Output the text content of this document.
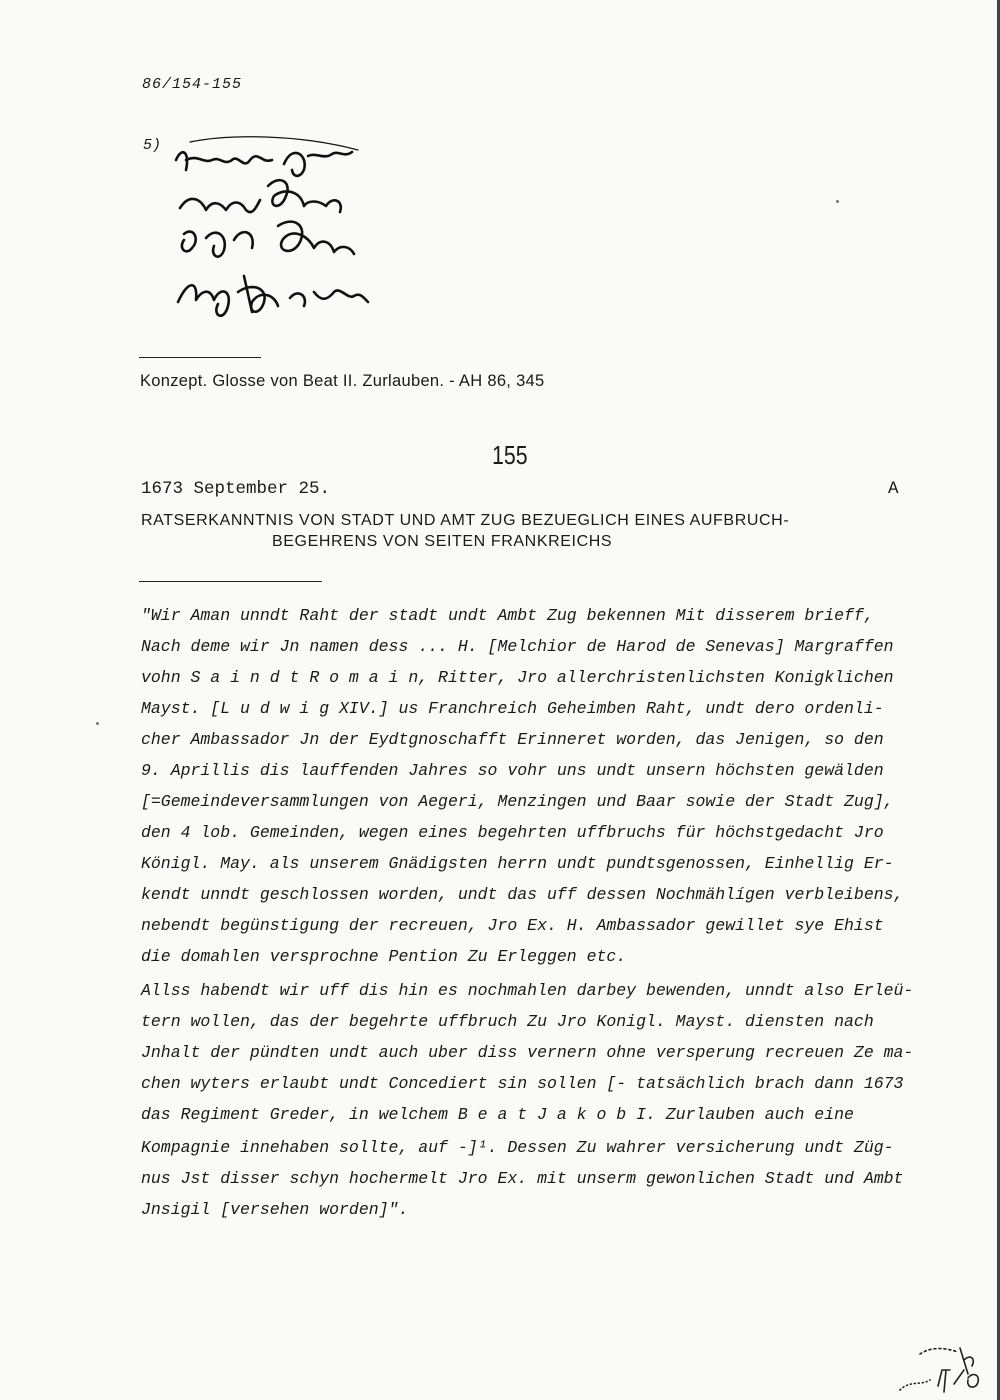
86/154-155
5)
Konzept. Glosse von Beat II. Zurlauben. - AH 86, 345
155
1673 September 25.	A
RATSERKANNTNIS VON STADT UND AMT ZUG BEZUEGLICH EINES AUFBRUCH-
BEGEHRENS VON SEITEN FRANKREICHS
"Wir Aman unndt Raht der stadt undt Ambt Zug bekennen Mit disserem brieff,
Nach deme wir Jn namen dess ... H. [Melchior de Harod de Senevas] Margraffen
vohn S a i n d t R o m a i n, Ritter, Jro allerchristenlichsten Konigklichen
Mayst. [L u d w i g XIV.] us Franchreich Geheimben Raht, undt dero ordenli-
cher Ambassador Jn der Eydtgnoschafft Erinneret worden, das Jenigen, so den
9. Aprillis dis lauffenden Jahres so vohr uns undt unsern höchsten gewälden
[=Gemeindeversammlungen von Aegeri, Menzingen und Baar sowie der Stadt Zug],
den 4 lob. Gemeinden, wegen eines begehrten uffbruchs für höchstgedacht Jro
Königl. May. als unserem Gnädigsten herrn undt pundtsgenossen, Einhellig Er-
kendt unndt geschlossen worden, undt das uff dessen Nochmählígen verbleibens,
nebendt begünstigung der recreuen, Jro Ex. H. Ambassador gewillet sye Ehist
die domahlen versprochne Pention Zu Erleggen etc.
Allss habendt wir uff dis hin es nochmahlen darbey bewenden, unndt also Erleü-
tern wollen, das der begehrte uffbruch Zu Jro Konigl. Mayst. diensten nach
Jnhalt der pündten undt auch uber diss vernern ohne versperung recreuen Ze ma-
chen wyters erlaubt undt Concediert sin sollen [- tatsächlich brach dann 1673
das Regiment Greder, in welchem B e a t J a k o b I. Zurlauben auch eine
Kompagnie innehaben sollte, auf -]¹. Dessen Zu wahrer versicherung undt Züg-
nus Jst disser schyn hochermelt Jro Ex. mit unserm gewonlichen Stadt und Ambt
Jnsigil [versehen worden]".
